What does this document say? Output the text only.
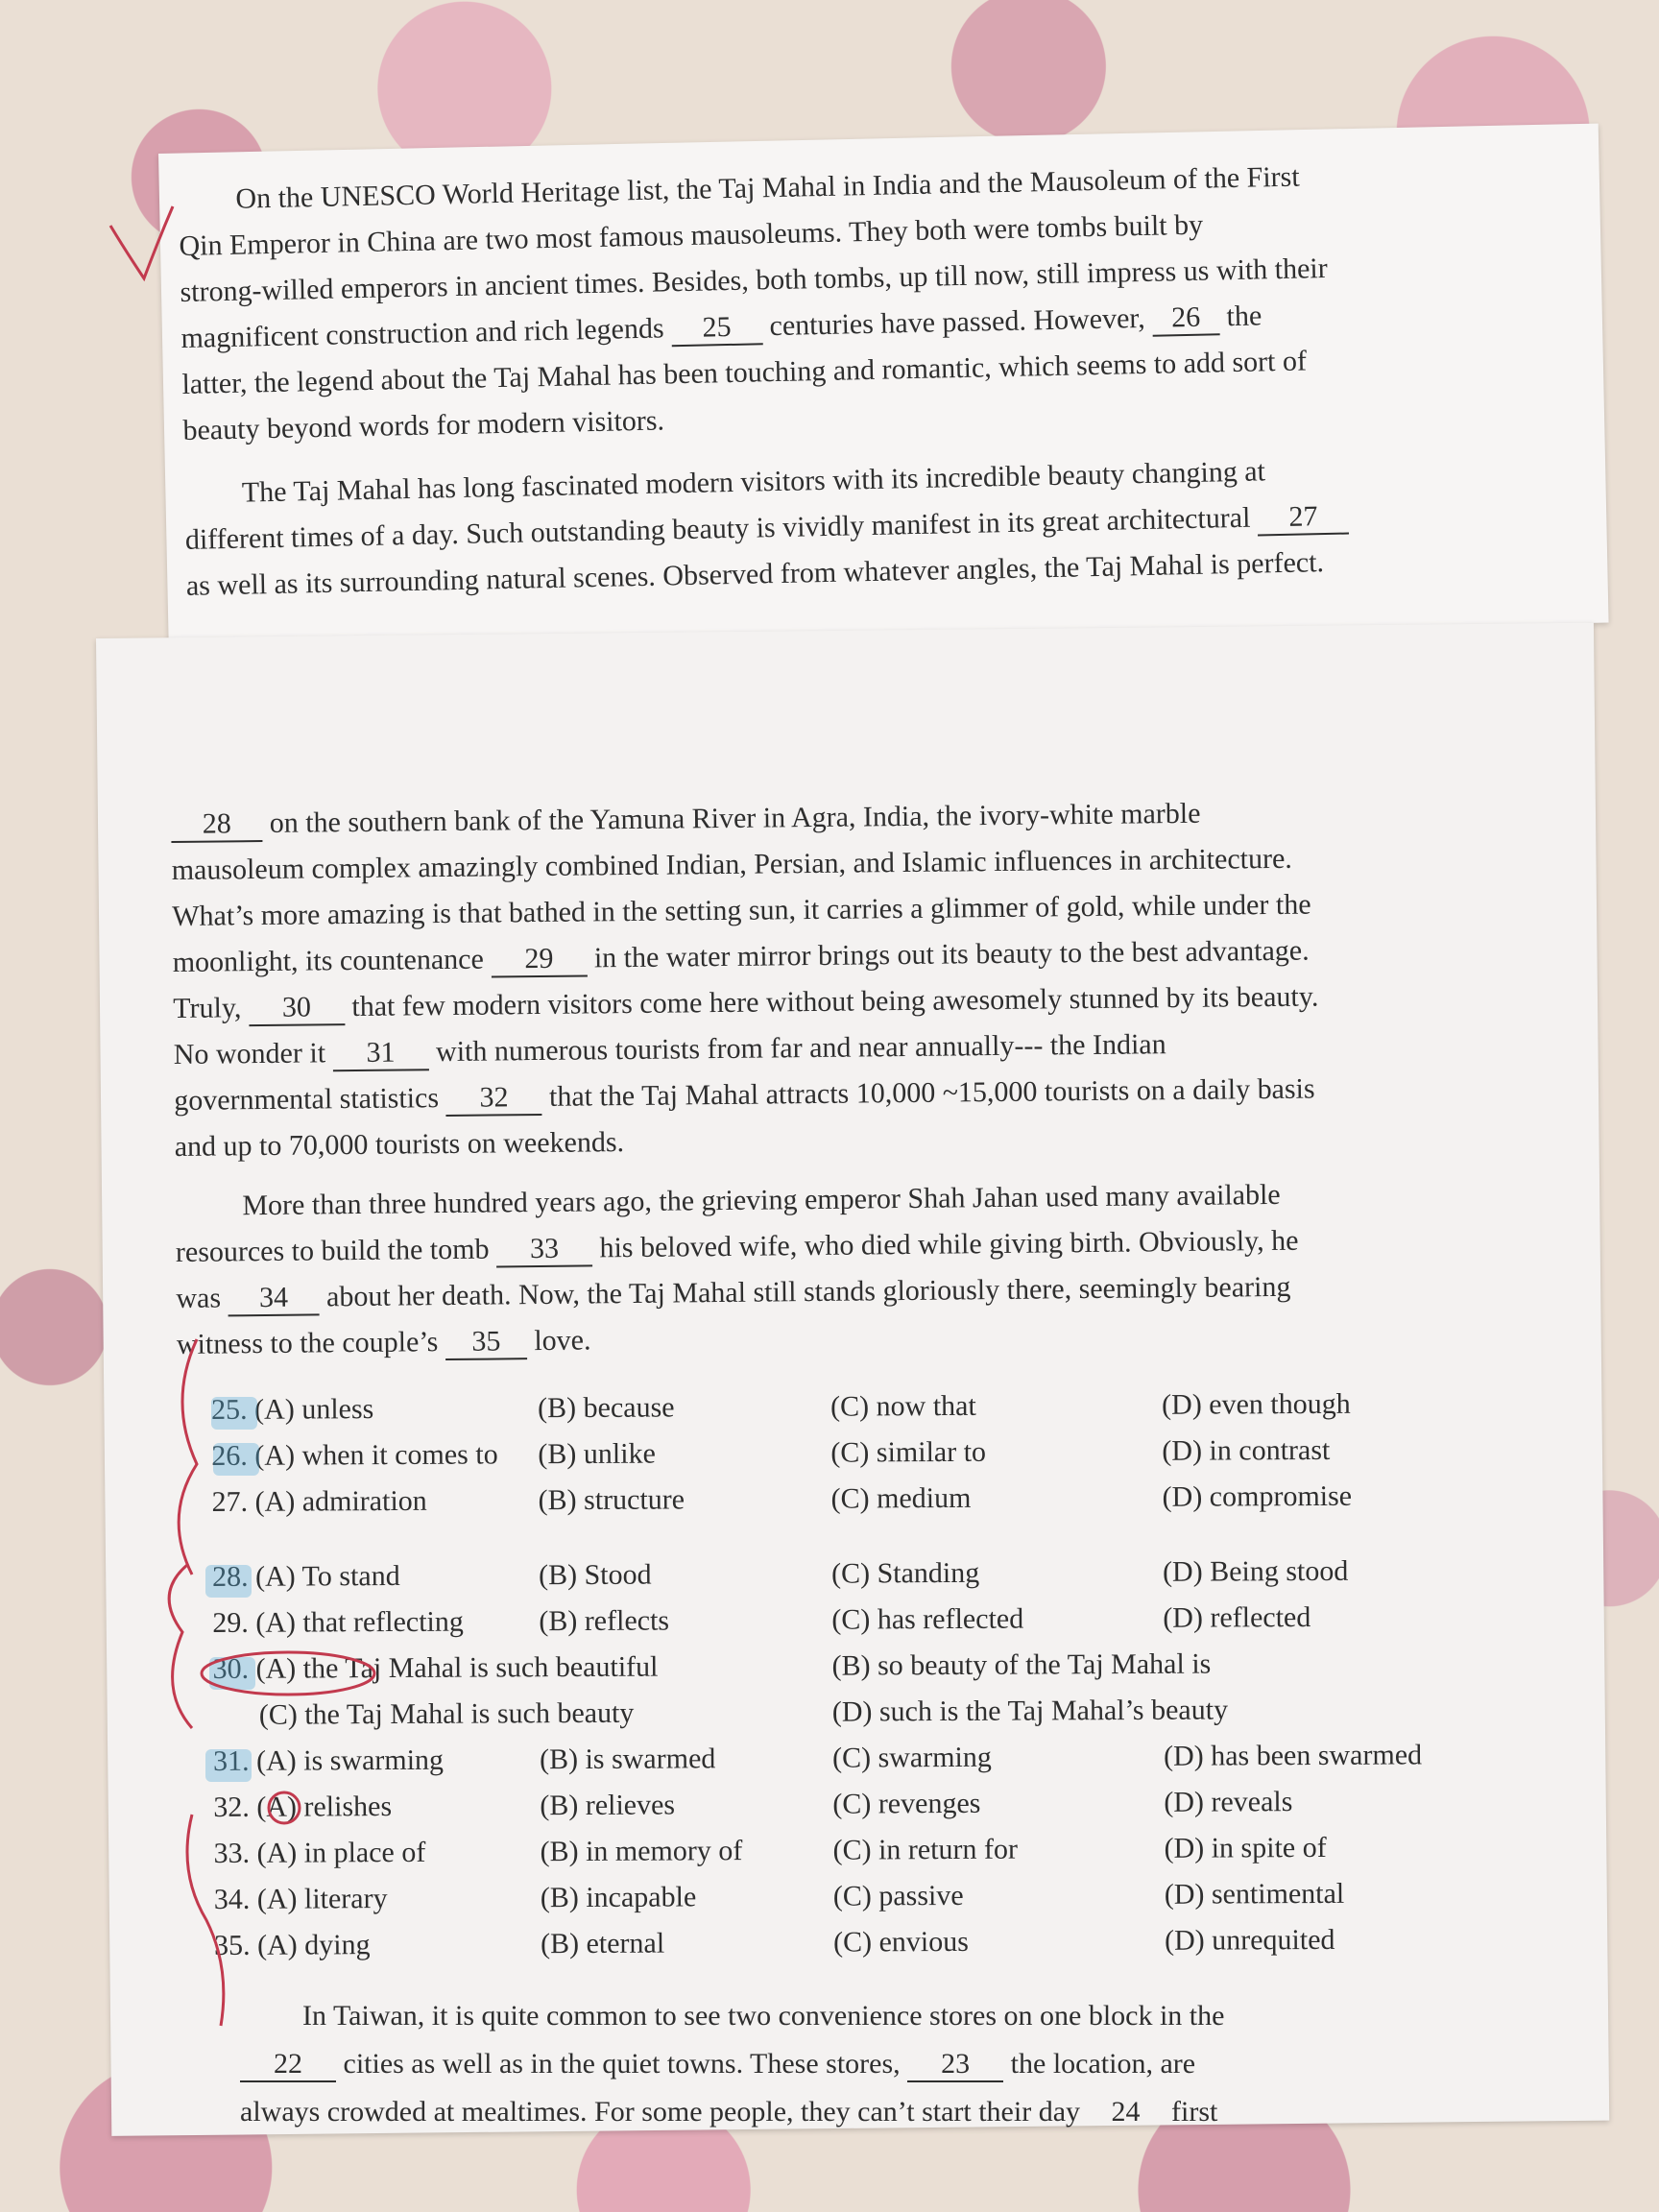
On the UNESCO World Heritage list, the Taj Mahal in India and the Mausoleum of the First
Qin Emperor in China are two most famous mausoleums. They both were tombs built by
strong-willed emperors in ancient times. Besides, both tombs, up till now, still impress us with their
magnificent construction and rich legends 25 centuries have passed. However, 26 the
latter, the legend about the Taj Mahal has been touching and romantic, which seems to add sort of
beauty beyond words for modern visitors.
The Taj Mahal has long fascinated modern visitors with its incredible beauty changing at
different times of a day. Such outstanding beauty is vividly manifest in its great architectural 27
as well as its surrounding natural scenes. Observed from whatever angles, the Taj Mahal is perfect.
28 on the southern bank of the Yamuna River in Agra, India, the ivory-white marble
mausoleum complex amazingly combined Indian, Persian, and Islamic influences in architecture.
What’s more amazing is that bathed in the setting sun, it carries a glimmer of gold, while under the
moonlight, its countenance 29 in the water mirror brings out its beauty to the best advantage.
Truly, 30 that few modern visitors come here without being awesomely stunned by its beauty.
No wonder it 31 with numerous tourists from far and near annually--- the Indian
governmental statistics 32 that the Taj Mahal attracts 10,000 ~15,000 tourists on a daily basis
and up to 70,000 tourists on weekends.
More than three hundred years ago, the grieving emperor Shah Jahan used many available
resources to build the tomb 33 his beloved wife, who died while giving birth. Obviously, he
was 34 about her death. Now, the Taj Mahal still stands gloriously there, seemingly bearing
witness to the couple’s 35 love.
25. (A) unless	(B) because	(C) now that	(D) even though
26. (A) when it comes to	(B) unlike	(C) similar to	(D) in contrast
27. (A) admiration	(B) structure	(C) medium	(D) compromise
28. (A) To stand	(B) Stood	(C) Standing	(D) Being stood
29. (A) that reflecting	(B) reflects	(C) has reflected	(D) reflected
30. (A) the Taj Mahal is such beautiful	(B) so beauty of the Taj Mahal is
(C) the Taj Mahal is such beauty	(D) such is the Taj Mahal’s beauty
31. (A) is swarming	(B) is swarmed	(C) swarming	(D) has been swarmed
32. (A) relishes	(B) relieves	(C) revenges	(D) reveals
33. (A) in place of	(B) in memory of	(C) in return for	(D) in spite of
34. (A) literary	(B) incapable	(C) passive	(D) sentimental
35. (A) dying	(B) eternal	(C) envious	(D) unrequited
In Taiwan, it is quite common to see two convenience stores on one block in the
22 cities as well as in the quiet towns. These stores, 23 the location, are
always crowded at mealtimes. For some people, they can’t start their day 24 first
